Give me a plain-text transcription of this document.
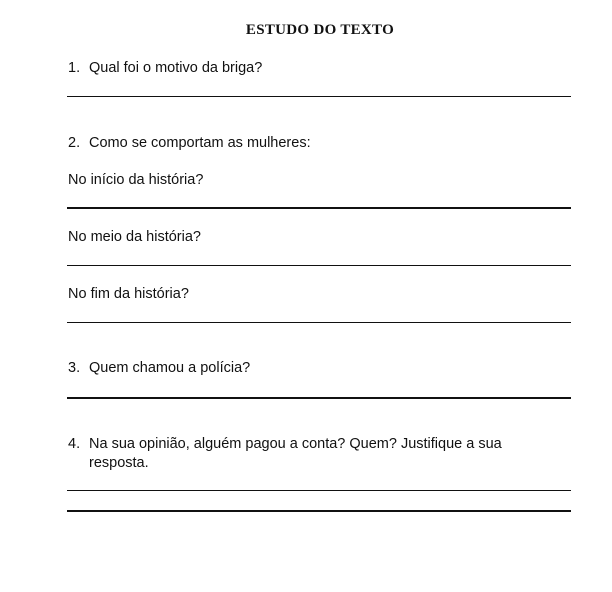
ESTUDO DO TEXTO
1. Qual foi o motivo da briga?
2. Como se comportam as mulheres:
No início da história?
No meio da história?
No fim da história?
3. Quem chamou a polícia?
4. Na sua opinião, alguém pagou a conta? Quem? Justifique a sua resposta.
